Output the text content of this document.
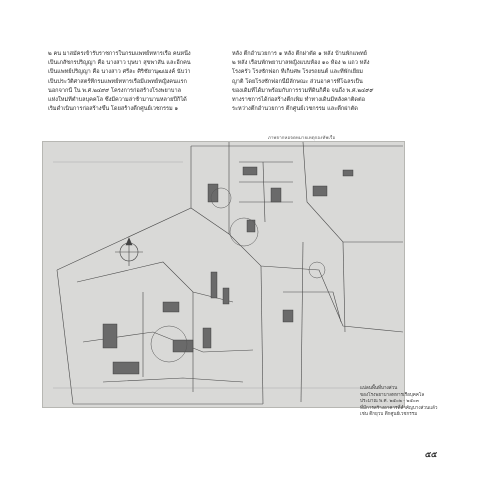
๒ คน มาสมัครเข้ารับราชการในกรมแพทย์ทหารเรือ คนหนึ่ง

เป็นเภสัชกรปริญญา คือ นางสาว บุษบา สุขพาสัน และอีกคน

เป็นแพทย์ปริญญา คือ นางสาว ศรีละ ศิริชัยานุฒเมงค์ นับว่า

เป็นประวัติศาสตร์ที่กรมแพทย์ทหารเรือมีแพทย์หญิงคนแรก

นอกจากนี้ ใน พ.ศ.๒๔๙๙ โครงการก่อสร้างโรงพยาบาล

แห่งใหม่ที่ตำบลบุคคโล ซึ่งมีความล่าช้ามานานหลายปีก็ได้

เริ่มดำเนินการก่อสร้างขึ้น โดยสร้างตึกศูนย์เวชกรรม ๑

หลัง ตึกอำนวยการ ๑ หลัง ตึกผ่าตัด ๑ หลัง บ้านพักแพทย์

๒ หลัง เรือนพักพยาบาลหญิงแบบห้อง ๑๐ ห้อง ๒ แถว หลัง

โรงครัว โรงซักฟอก ที่เก็บศพ โรงรถยนต์ และที่พักเยี่ยม

ญาติ โดยโรงซักฟอกนี้มีลักษณะ ส่วนอาคารที่โฉลรเป็น

ของเดิมที่ได้มาพร้อมกับการรวมที่ดินก็คือ จนถึง พ.ศ.๒๔๙๙

ทางราชการได้ก่อสร้างตึกเพิ่ม ทำทางเดินมีหลังคาติดต่อ

ระหว่างตึกอำนวยการ ตึกศูนย์เวชกรรม และตึกผ่าตัด

ภาพจากหอจดหมายเหตุกองทัพเรือ

แปลนพื้นที่บางส่วน

ของโรงพยาบาลทหารเรือบุคคโล

ประมาณ พ.ศ. ๒๕๐๒ - ๒๕๐๓

ที่มีการสร้างอาคารที่สำคัญบางส่วนแล้ว

เช่น ตึกยุวบ ตึกศูนย์เวชกรรม

๕๕
